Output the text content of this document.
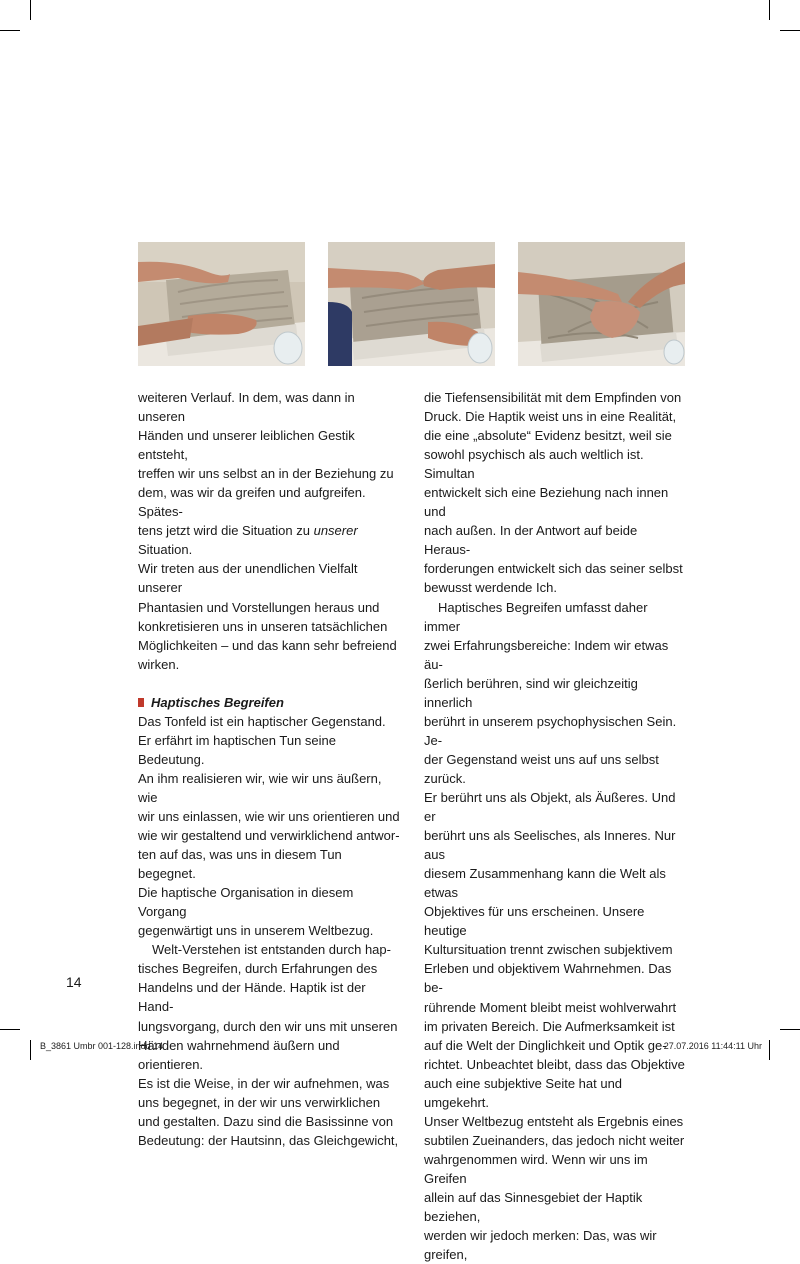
weiteren Verlauf. In dem, was dann in unseren
Händen und unserer leiblichen Gestik entsteht,
treffen wir uns selbst an in der Beziehung zu
dem, was wir da greifen und aufgreifen. Spätes-
tens jetzt wird die Situation zu unserer Situation.
Wir treten aus der unendlichen Vielfalt unserer
Phantasien und Vorstellungen heraus und
konkretisieren uns in unseren tatsächlichen
Möglichkeiten – und das kann sehr befreiend
wirken.

Haptisches Begreifen

Das Tonfeld ist ein haptischer Gegenstand.
Er erfährt im haptischen Tun seine Bedeutung.
An ihm realisieren wir, wie wir uns äußern, wie
wir uns einlassen, wie wir uns orientieren und
wie wir gestaltend und verwirklichend antwor-
ten auf das, was uns in diesem Tun begegnet.
Die haptische Organisation in diesem Vorgang
gegenwärtigt uns in unserem Weltbezug.

Welt-Verstehen ist entstanden durch hap-
tisches Begreifen, durch Erfahrungen des
Handelns und der Hände. Haptik ist der Hand-
lungsvorgang, durch den wir uns mit unseren
Händen wahrnehmend äußern und orientieren.
Es ist die Weise, in der wir aufnehmen, was
uns begegnet, in der wir uns verwirklichen
und gestalten. Dazu sind die Basissinne von
Bedeutung: der Hautsinn, das Gleichgewicht,

die Tiefensensibilität mit dem Empfinden von
Druck. Die Haptik weist uns in eine Realität,
die eine „absolute“ Evidenz besitzt, weil sie
sowohl psychisch als auch weltlich ist. Simultan
entwickelt sich eine Beziehung nach innen und
nach außen. In der Antwort auf beide Heraus-
forderungen entwickelt sich das seiner selbst
bewusst werdende Ich.

Haptisches Begreifen umfasst daher immer
zwei Erfahrungsbereiche: Indem wir etwas äu-
ßerlich berühren, sind wir gleichzeitig innerlich
berührt in unserem psychophysischen Sein. Je-
der Gegenstand weist uns auf uns selbst zurück.
Er berührt uns als Objekt, als Äußeres. Und er
berührt uns als Seelisches, als Inneres. Nur aus
diesem Zusammenhang kann die Welt als etwas
Objektives für uns erscheinen. Unsere heutige
Kultursituation trennt zwischen subjektivem
Erleben und objektivem Wahrnehmen. Das be-
rührende Moment bleibt meist wohlverwahrt
im privaten Bereich. Die Aufmerksamkeit ist
auf die Welt der Dinglichkeit und Optik ge-
richtet. Unbeachtet bleibt, dass das Objektive
auch eine subjektive Seite hat und umgekehrt.
Unser Weltbezug entsteht als Ergebnis eines
subtilen Zueinanders, das jedoch nicht weiter
wahrgenommen wird. Wenn wir uns im Greifen
allein auf das Sinnesgebiet der Haptik beziehen,
werden wir jedoch merken: Das, was wir greifen,

14
B_3861 Umbr 001-128.indd 14	27.07.2016 11:44:11 Uhr
